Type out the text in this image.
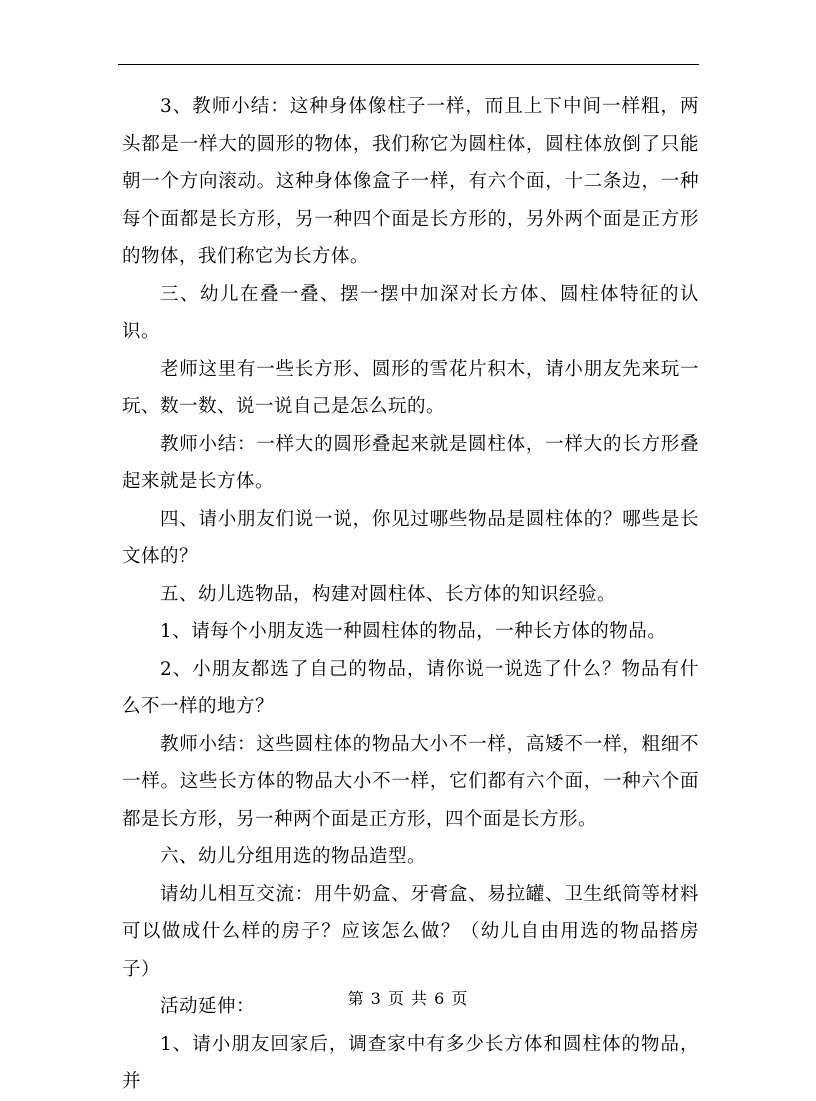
3、教师小结：这种身体像柱子一样，而且上下中间一样粗，两头都是一样大的圆形的物体，我们称它为圆柱体，圆柱体放倒了只能朝一个方向滚动。这种身体像盒子一样，有六个面，十二条边，一种每个面都是长方形，另一种四个面是长方形的，另外两个面是正方形的物体，我们称它为长方体。

三、幼儿在叠一叠、摆一摆中加深对长方体、圆柱体特征的认识。

老师这里有一些长方形、圆形的雪花片积木，请小朋友先来玩一玩、数一数、说一说自己是怎么玩的。

教师小结：一样大的圆形叠起来就是圆柱体，一样大的长方形叠起来就是长方体。

四、请小朋友们说一说，你见过哪些物品是圆柱体的？哪些是长文体的？

五、幼儿选物品，构建对圆柱体、长方体的知识经验。

1、请每个小朋友选一种圆柱体的物品，一种长方体的物品。

2、小朋友都选了自己的物品，请你说一说选了什么？物品有什么不一样的地方？

教师小结：这些圆柱体的物品大小不一样，高矮不一样，粗细不一样。这些长方体的物品大小不一样，它们都有六个面，一种六个面都是长方形，另一种两个面是正方形，四个面是长方形。

六、幼儿分组用选的物品造型。

请幼儿相互交流：用牛奶盒、牙膏盒、易拉罐、卫生纸筒等材料可以做成什么样的房子？应该怎么做？（幼儿自由用选的物品搭房子）

活动延伸：

1、请小朋友回家后，调查家中有多少长方体和圆柱体的物品，并

第 3 页 共 6 页
